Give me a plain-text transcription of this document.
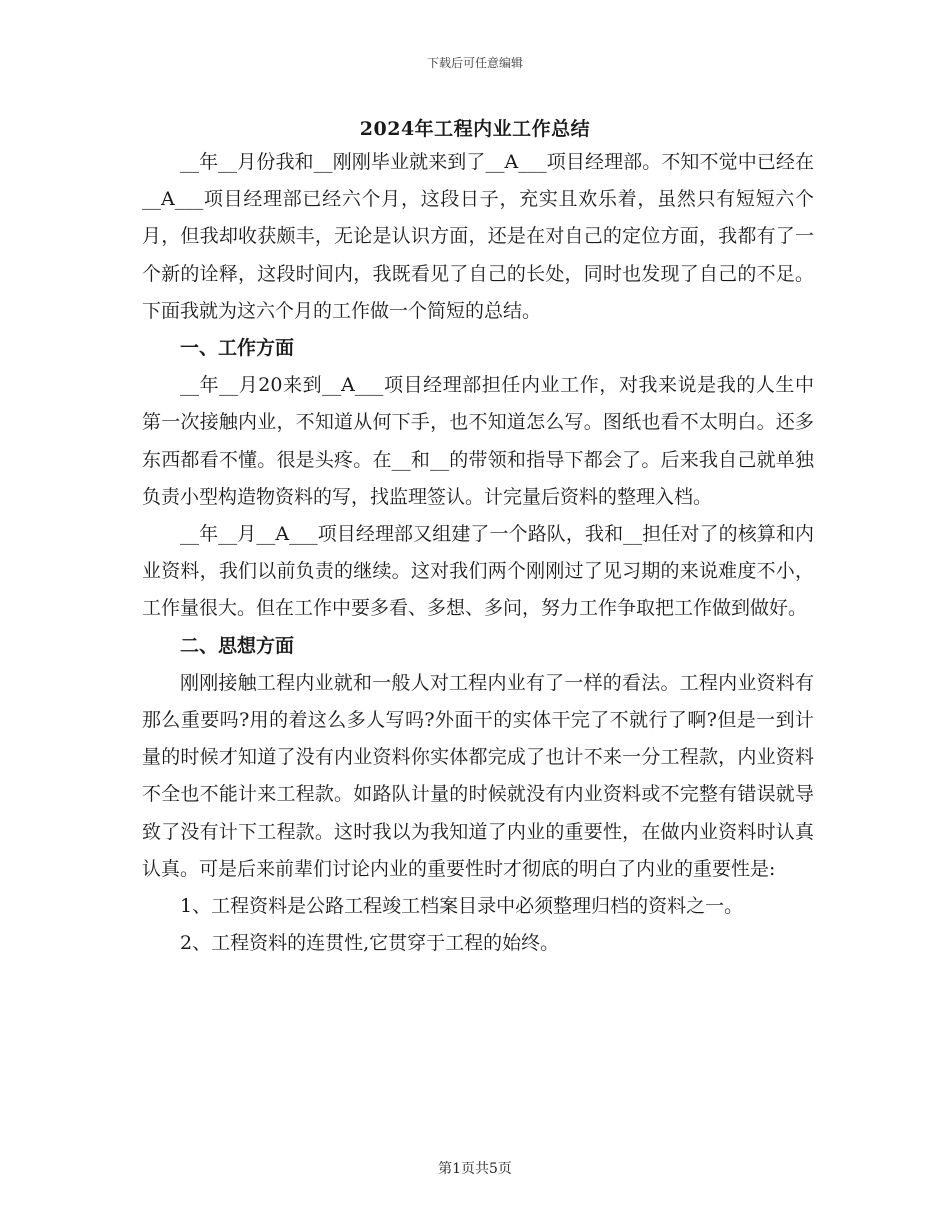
下载后可任意编辑
2024年工程内业工作总结

__年__月份我和__刚刚毕业就来到了__A___项目经理部。不知不觉中已经在__A___项目经理部已经六个月，这段日子，充实且欢乐着，虽然只有短短六个月，但我却收获颇丰，无论是认识方面，还是在对自己的定位方面，我都有了一个新的诠释，这段时间内，我既看见了自己的长处，同时也发现了自己的不足。下面我就为这六个月的工作做一个简短的总结。

一、工作方面

__年__月20来到__A___项目经理部担任内业工作，对我来说是我的人生中第一次接触内业，不知道从何下手，也不知道怎么写。图纸也看不太明白。还多东西都看不懂。很是头疼。在__和__的带领和指导下都会了。后来我自己就单独负责小型构造物资料的写，找监理签认。计完量后资料的整理入档。

__年__月__A___项目经理部又组建了一个路队，我和__担任对了的核算和内业资料，我们以前负责的继续。这对我们两个刚刚过了见习期的来说难度不小，工作量很大。但在工作中要多看、多想、多问，努力工作争取把工作做到做好。

二、思想方面

刚刚接触工程内业就和一般人对工程内业有了一样的看法。工程内业资料有那么重要吗?用的着这么多人写吗?外面干的实体干完了不就行了啊?但是一到计量的时候才知道了没有内业资料你实体都完成了也计不来一分工程款，内业资料不全也不能计来工程款。如路队计量的时候就没有内业资料或不完整有错误就导致了没有计下工程款。这时我以为我知道了内业的重要性，在做内业资料时认真认真。可是后来前辈们讨论内业的重要性时才彻底的明白了内业的重要性是:

1、工程资料是公路工程竣工档案目录中必须整理归档的资料之一。

2、工程资料的连贯性,它贯穿于工程的始终。

第1页共5页
